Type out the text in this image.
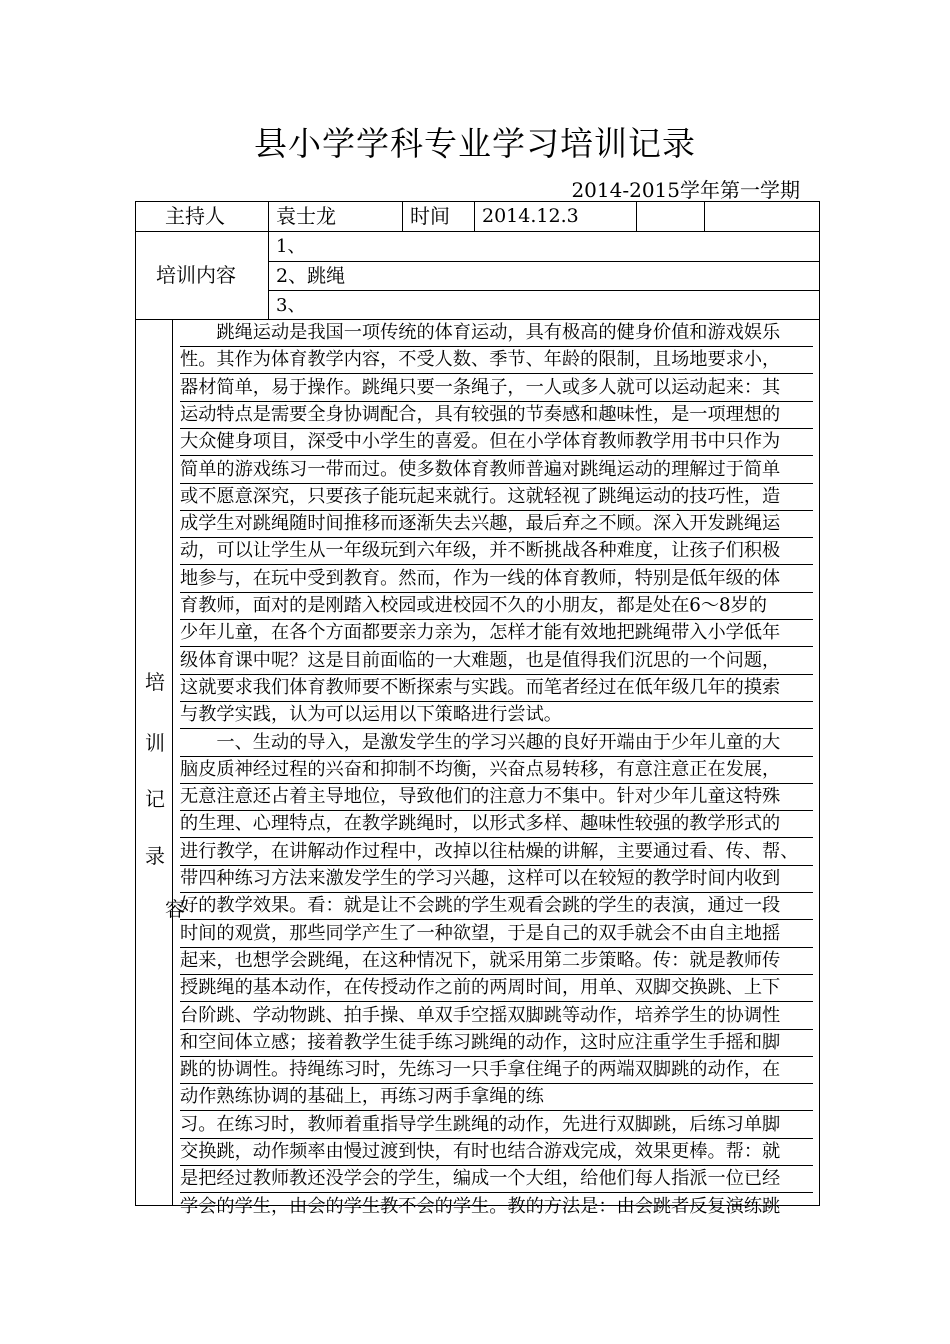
县小学学科专业学习培训记录
2014-2015学年第一学期
主持人	袁士龙	时间 2014.12.3
培训内容
1、
2、跳绳
3、
培
训
记
录
容
　　跳绳运动是我国一项传统的体育运动，具有极高的健身价值和游戏娱乐
性。其作为体育教学内容，不受人数、季节、年龄的限制，且场地要求小，
器材简单，易于操作。跳绳只要一条绳子，一人或多人就可以运动起来：其
运动特点是需要全身协调配合，具有较强的节奏感和趣味性，是一项理想的
大众健身项目，深受中小学生的喜爱。但在小学体育教师教学用书中只作为
简单的游戏练习一带而过。使多数体育教师普遍对跳绳运动的理解过于简单
或不愿意深究，只要孩子能玩起来就行。这就轻视了跳绳运动的技巧性，造
成学生对跳绳随时间推移而逐渐失去兴趣，最后弃之不顾。深入开发跳绳运
动，可以让学生从一年级玩到六年级，并不断挑战各种难度，让孩子们积极
地参与，在玩中受到教育。然而，作为一线的体育教师，特别是低年级的体
育教师，面对的是刚踏入校园或进校园不久的小朋友，都是处在6～8岁的
少年儿童，在各个方面都要亲力亲为，怎样才能有效地把跳绳带入小学低年
级体育课中呢？这是目前面临的一大难题，也是值得我们沉思的一个问题，
这就要求我们体育教师要不断探索与实践。而笔者经过在低年级几年的摸索
与教学实践，认为可以运用以下策略进行尝试。
　　一、生动的导入，是激发学生的学习兴趣的良好开端由于少年儿童的大
脑皮质神经过程的兴奋和抑制不均衡，兴奋点易转移，有意注意正在发展，
无意注意还占着主导地位，导致他们的注意力不集中。针对少年儿童这特殊
的生理、心理特点，在教学跳绳时，以形式多样、趣味性较强的教学形式的
进行教学，在讲解动作过程中，改掉以往枯燥的讲解，主要通过看、传、帮、
带四种练习方法来激发学生的学习兴趣，这样可以在较短的教学时间内收到
好的教学效果。看：就是让不会跳的学生观看会跳的学生的表演，通过一段
时间的观赏，那些同学产生了一种欲望，于是自己的双手就会不由自主地摇
起来，也想学会跳绳，在这种情况下，就采用第二步策略。传：就是教师传
授跳绳的基本动作，在传授动作之前的两周时间，用单、双脚交换跳、上下
台阶跳、学动物跳、拍手操、单双手空摇双脚跳等动作，培养学生的协调性
和空间体立感；接着教学生徒手练习跳绳的动作，这时应注重学生手摇和脚
跳的协调性。持绳练习时，先练习一只手拿住绳子的两端双脚跳的动作，在
动作熟练协调的基础上，再练习两手拿绳的练
习。在练习时，教师着重指导学生跳绳的动作，先进行双脚跳，后练习单脚
交换跳，动作频率由慢过渡到快，有时也结合游戏完成，效果更棒。帮：就
是把经过教师教还没学会的学生，编成一个大组，给他们每人指派一位已经
学会的学生，由会的学生教不会的学生。教的方法是：由会跳者反复演练跳
